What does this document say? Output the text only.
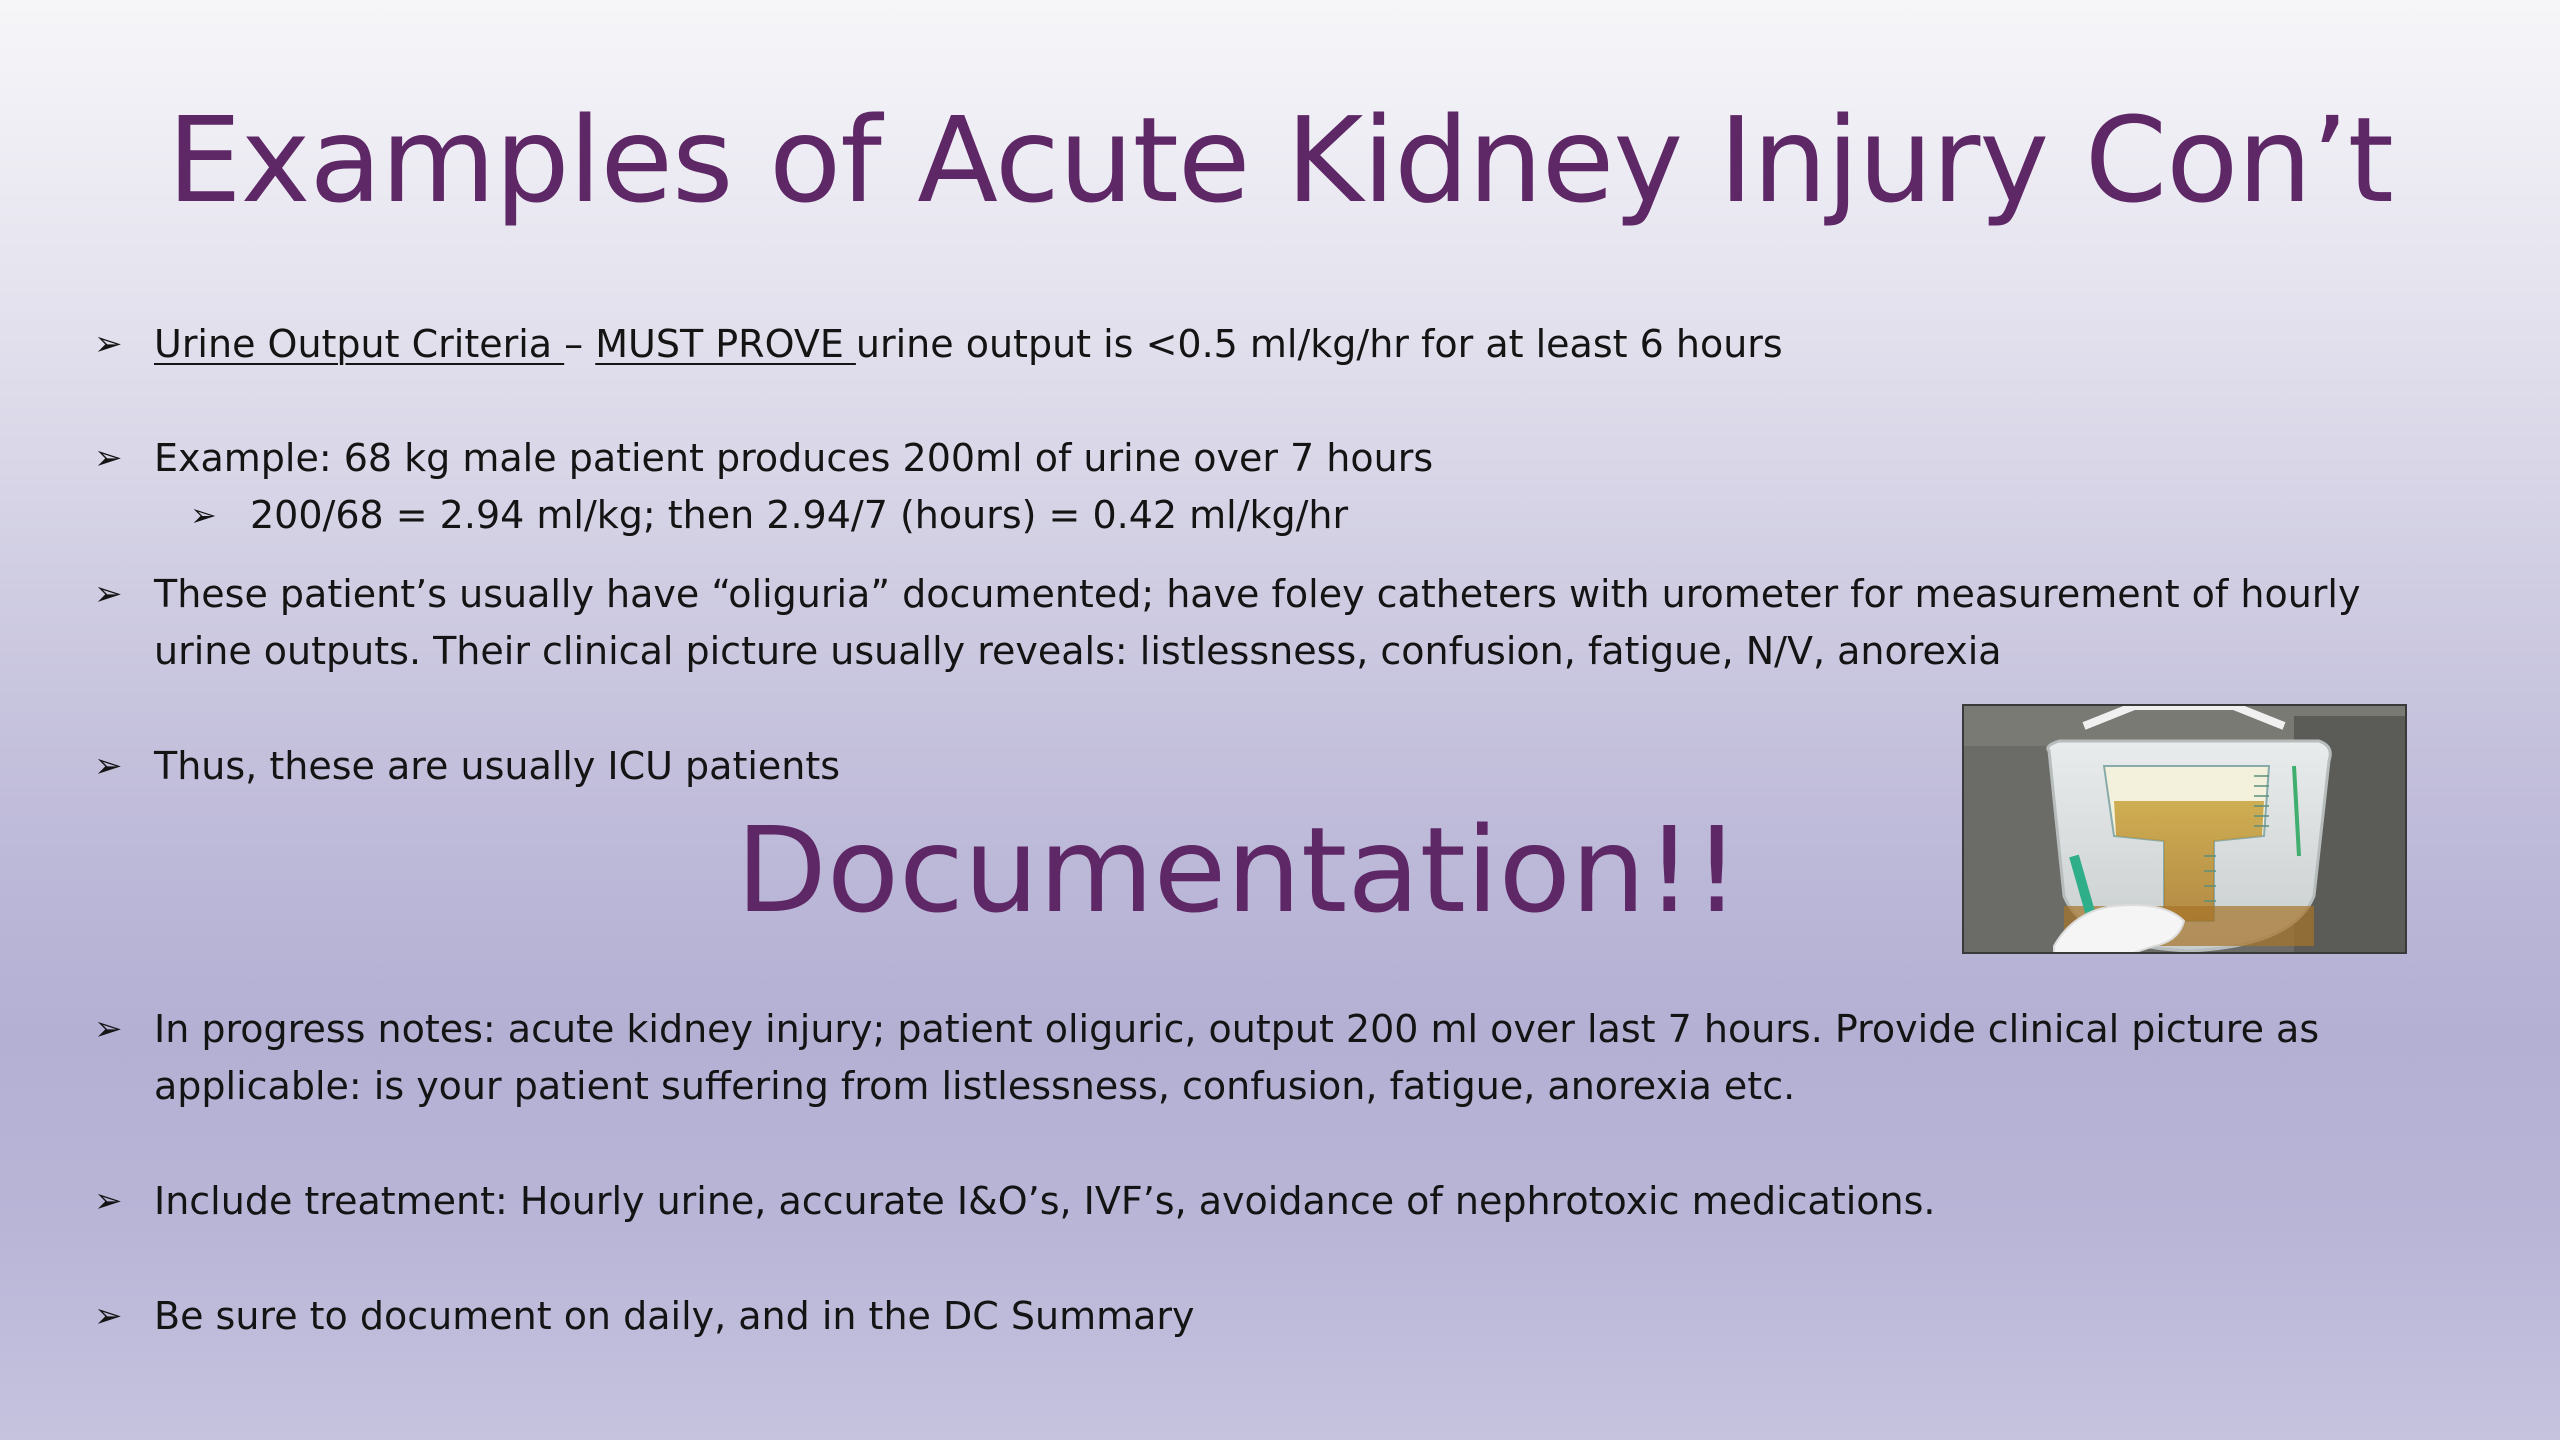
Examples of Acute Kidney Injury Con’t
➢ Urine Output Criteria – MUST PROVE urine output is <0.5 ml/kg/hr for at least 6 hours
➢ Example: 68 kg male patient produces 200ml of urine over 7 hours
➢ 200/68 = 2.94 ml/kg; then 2.94/7 (hours) = 0.42 ml/kg/hr
➢ These patient’s usually have “oliguria” documented; have foley catheters with urometer for measurement of hourly
urine outputs. Their clinical picture usually reveals: listlessness, confusion, fatigue, N/V, anorexia
➢ Thus, these are usually ICU patients
Documentation!!
➢ In progress notes: acute kidney injury; patient oliguric, output 200 ml over last 7 hours. Provide clinical picture as
applicable: is your patient suffering from listlessness, confusion, fatigue, anorexia etc.
➢ Include treatment: Hourly urine, accurate I&O’s, IVF’s, avoidance of nephrotoxic medications.
➢ Be sure to document on daily, and in the DC Summary
